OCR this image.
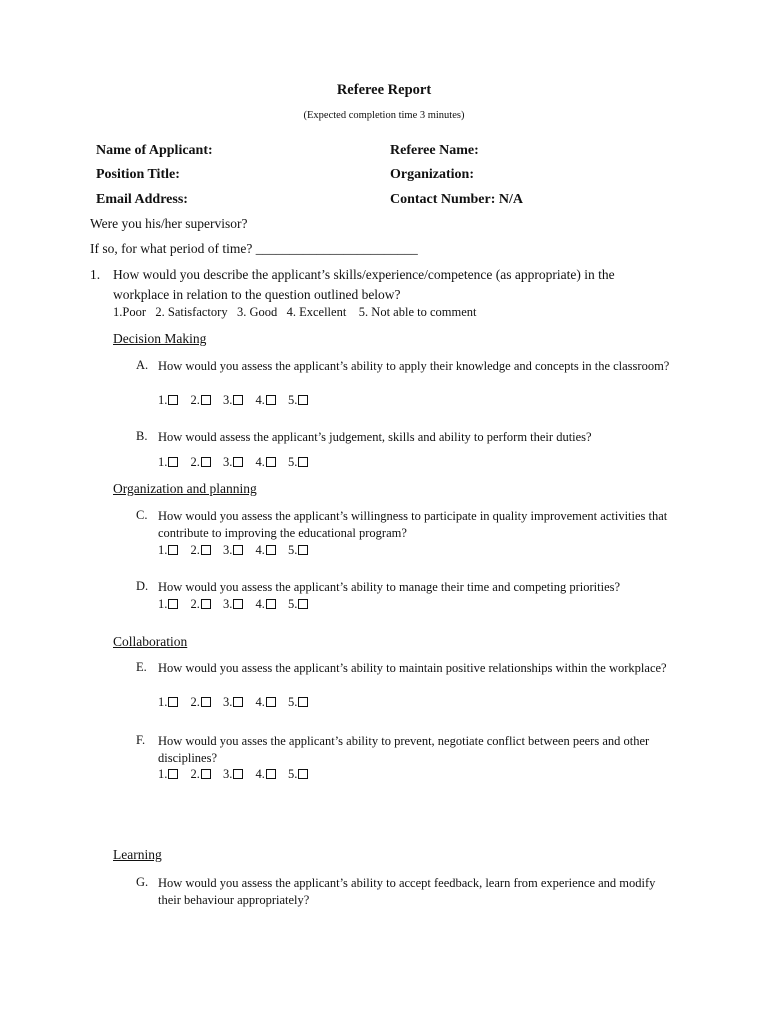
Referee Report
(Expected completion time 3 minutes)
Name of Applicant:
Position Title:
Email Address:
Referee Name:
Organization:
Contact Number: N/A
Were you his/her supervisor?
If so, for what period of time? ________________________
1. How would you describe the applicant’s skills/experience/competence (as appropriate) in the
workplace in relation to the question outlined below?
1.Poor   2. Satisfactory   3. Good   4. Excellent    5. Not able to comment
Decision Making
A. How would you assess the applicant’s ability to apply their knowledge and concepts in the classroom?
1. 2. 3. 4. 5.
B. How would assess the applicant’s judgement, skills and ability to perform their duties?
1. 2. 3. 4. 5.
Organization and planning
C. How would you assess the applicant’s willingness to participate in quality improvement activities that contribute to improving the educational program?
1. 2. 3. 4. 5.
D. How would you assess the applicant’s ability to manage their time and competing priorities?
1. 2. 3. 4. 5.
Collaboration
E. How would you assess the applicant’s ability to maintain positive relationships within the workplace?
1. 2. 3. 4. 5.
F. How would you asses the applicant’s ability to prevent, negotiate conflict between peers and other disciplines?
1. 2. 3. 4. 5.
Learning
G. How would you assess the applicant’s ability to accept feedback, learn from experience and modify their behaviour appropriately?
